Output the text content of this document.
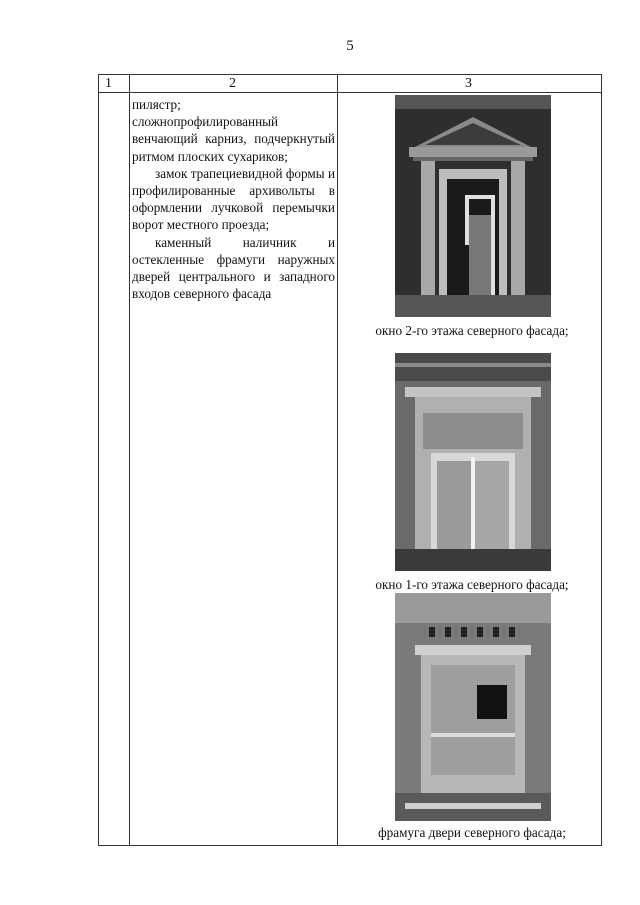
5
1	2	3

пилястр;

сложнопрофилированный венчающий карниз, подчеркнутый ритмом плоских сухариков;

замок трапециевидной формы и профилированные архивольты в оформлении лучковой перемычки ворот местного проезда;

каменный наличник и остекленные фрамуги наружных дверей центрального и западного входов северного фасада

окно 2-го этажа северного фасада;
окно 1-го этажа северного фасада;
фрамуга двери северного фасада;
